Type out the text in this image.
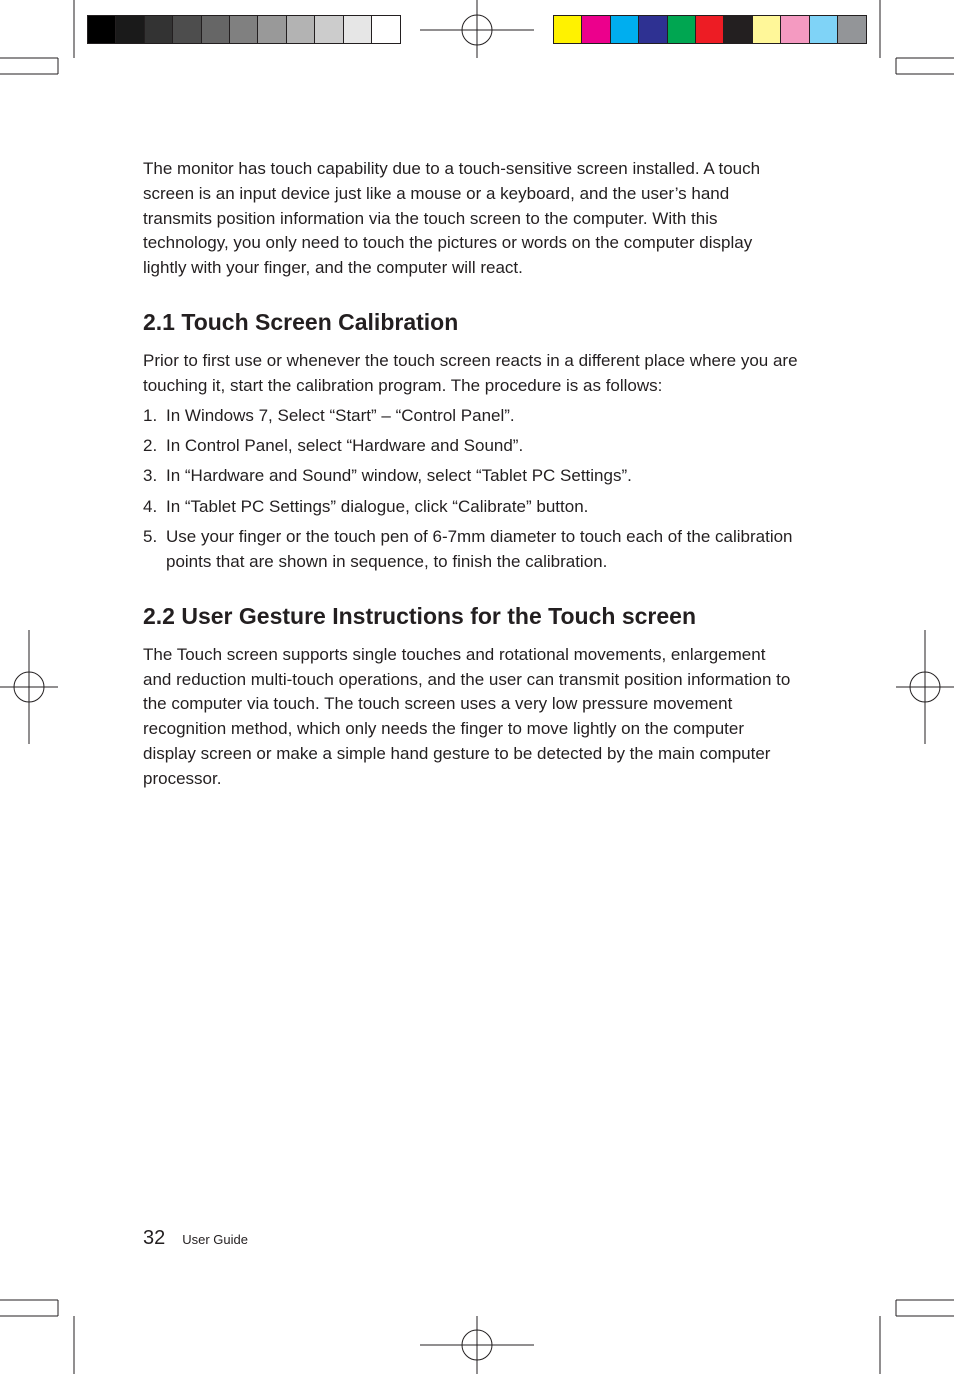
The monitor has touch capability due to a touch-sensitive screen installed. A touch screen is an input device just like a mouse or a keyboard, and the user’s hand transmits position information via the touch screen to the computer. With this technology, you only need to touch the pictures or words on the computer display lightly with your finger, and the computer will react.

2.1 Touch Screen Calibration

Prior to first use or whenever the touch screen reacts in a different place where you are touching it, start the calibration program. The procedure is as follows:

1. In Windows 7, Select “Start” – “Control Panel”.
2. In Control Panel, select “Hardware and Sound”.
3. In “Hardware and Sound” window, select “Tablet PC Settings”.
4. In “Tablet PC Settings” dialogue, click “Calibrate” button.
5. Use your finger or the touch pen of 6-7mm diameter to touch each of the calibration points that are shown in sequence, to finish the calibration.
2.2 User Gesture Instructions for the Touch screen

The Touch screen supports single touches and rotational movements, enlargement and reduction multi-touch operations, and the user can transmit position information to the computer via touch. The touch screen uses a very low pressure movement recognition method, which only needs the finger to move lightly on the computer display screen or make a simple hand gesture to be detected by the main computer processor.

32 User Guide
